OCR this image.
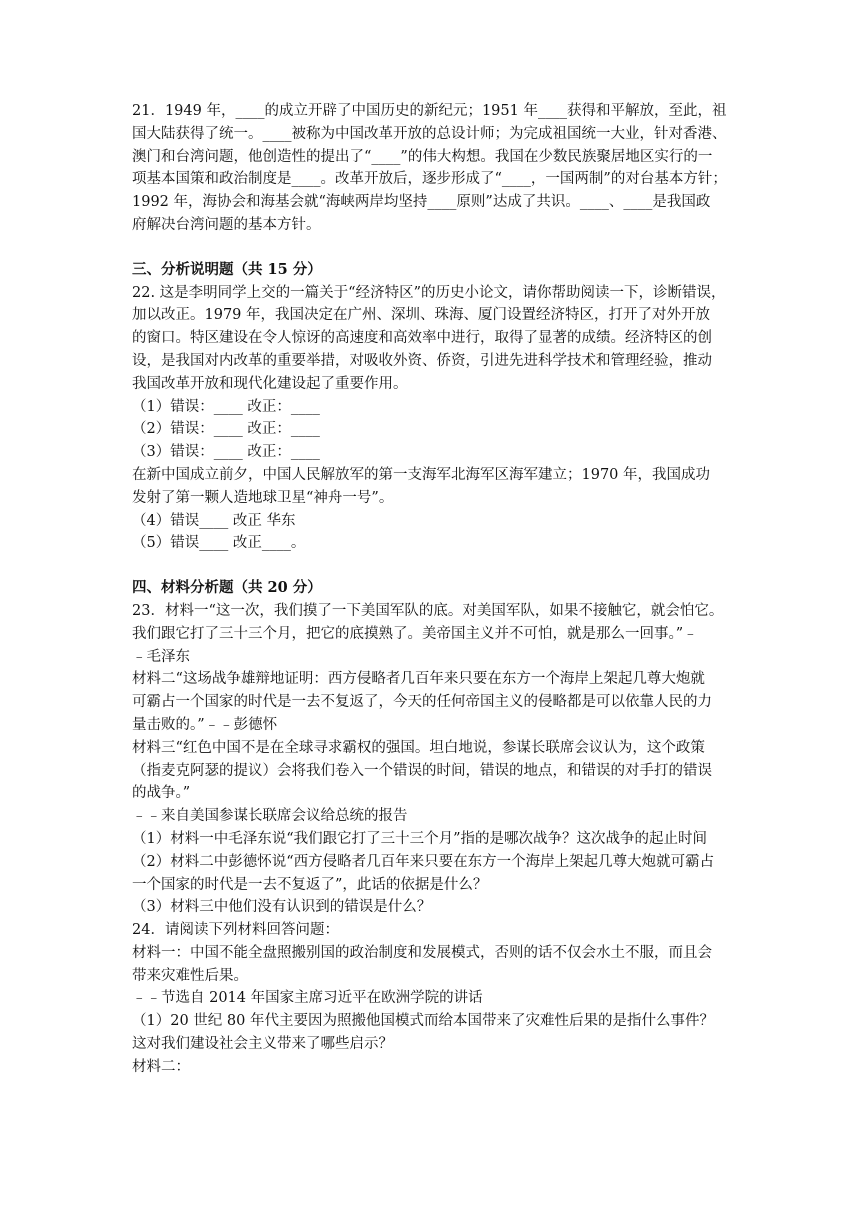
21．1949 年，____的成立开辟了中国历史的新纪元；1951 年____获得和平解放，至此，祖
国大陆获得了统一。____被称为中国改革开放的总设计师；为完成祖国统一大业，针对香港、
澳门和台湾问题，他创造性的提出了“____”的伟大构想。我国在少数民族聚居地区实行的一
项基本国策和政治制度是____。改革开放后，逐步形成了“____，一国两制”的对台基本方针；
1992 年，海协会和海基会就“海峡两岸均坚持____原则”达成了共识。____、____是我国政
府解决台湾问题的基本方针。
三、分析说明题（共 15 分）
22. 这是李明同学上交的一篇关于“经济特区”的历史小论文，请你帮助阅读一下，诊断错误，
加以改正。1979 年，我国决定在广州、深圳、珠海、厦门设置经济特区，打开了对外开放
的窗口。特区建设在令人惊讶的高速度和高效率中进行，取得了显著的成绩。经济特区的创
设，是我国对内改革的重要举措，对吸收外资、侨资，引进先进科学技术和管理经验，推动
我国改革开放和现代化建设起了重要作用。
（1）错误：____ 改正：____
（2）错误：____ 改正：____
（3）错误：____ 改正：____
在新中国成立前夕，中国人民解放军的第一支海军北海军区海军建立；1970 年，我国成功
发射了第一颗人造地球卫星“神舟一号”。
（4）错误____ 改正 华东
（5）错误____ 改正____。
四、材料分析题（共 20 分）
23．材料一“这一次，我们摸了一下美国军队的底。对美国军队，如果不接触它，就会怕它。
我们跟它打了三十三个月，把它的底摸熟了。美帝国主义并不可怕，就是那么一回事。”﹣
﹣毛泽东
材料二“这场战争雄辩地证明：西方侵略者几百年来只要在东方一个海岸上架起几尊大炮就
可霸占一个国家的时代是一去不复返了，今天的任何帝国主义的侵略都是可以依靠人民的力
量击败的。”﹣﹣彭德怀
材料三“红色中国不是在全球寻求霸权的强国。坦白地说，参谋长联席会议认为，这个政策
（指麦克阿瑟的提议）会将我们卷入一个错误的时间，错误的地点，和错误的对手打的错误
的战争。”
﹣﹣来自美国参谋长联席会议给总统的报告
（1）材料一中毛泽东说“我们跟它打了三十三个月”指的是哪次战争？这次战争的起止时间
（2）材料二中彭德怀说“西方侵略者几百年来只要在东方一个海岸上架起几尊大炮就可霸占
一个国家的时代是一去不复返了”，此话的依据是什么？
（3）材料三中他们没有认识到的错误是什么？
24．请阅读下列材料回答问题：
材料一：中国不能全盘照搬别国的政治制度和发展模式，否则的话不仅会水土不服，而且会
带来灾难性后果。
﹣﹣节选自 2014 年国家主席习近平在欧洲学院的讲话
（1）20 世纪 80 年代主要因为照搬他国模式而给本国带来了灾难性后果的是指什么事件？
这对我们建设社会主义带来了哪些启示？
材料二：
